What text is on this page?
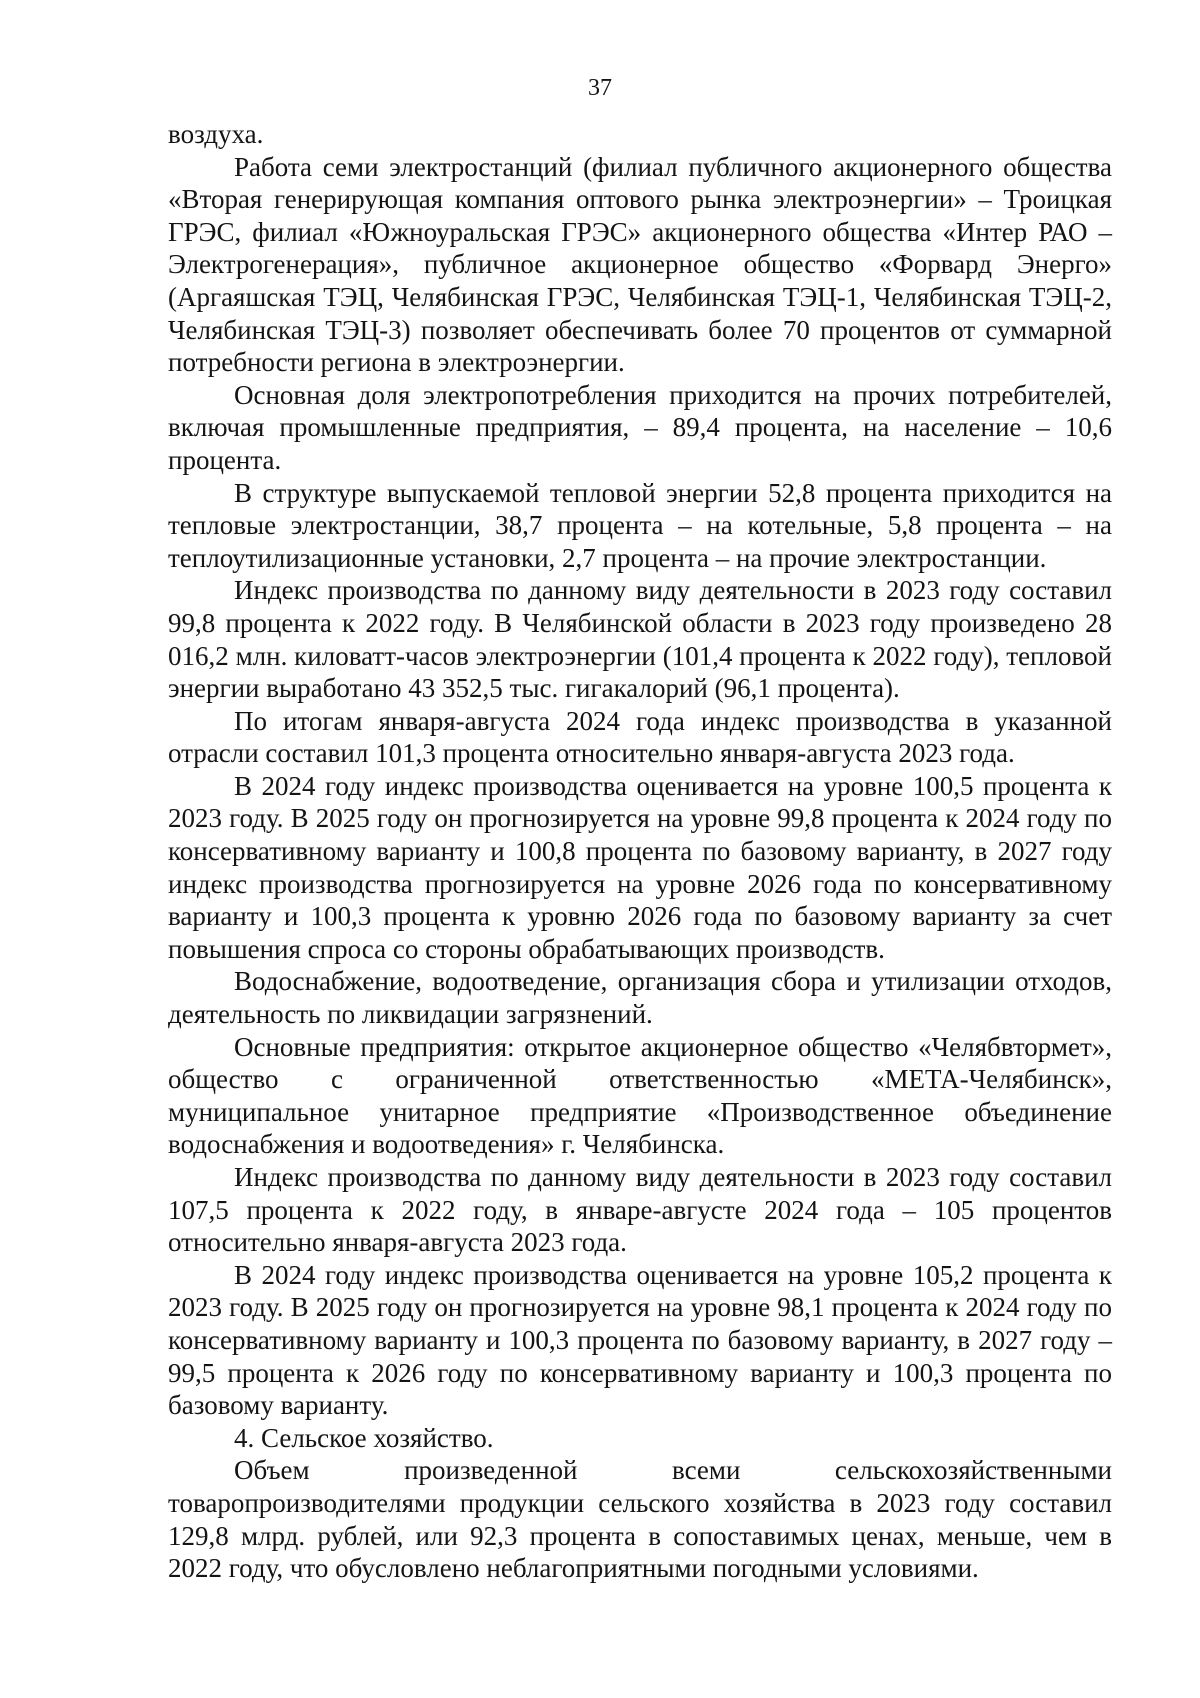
37

воздуха.

Работа семи электростанций (филиал публичного акционерного общества «Вторая генерирующая компания оптового рынка электроэнергии» – Троицкая ГРЭС, филиал «Южноуральская ГРЭС» акционерного общества «Интер РАО – Электрогенерация», публичное акционерное общество «Форвард Энерго» (Аргаяшская ТЭЦ, Челябинская ГРЭС, Челябинская ТЭЦ-1, Челябинская ТЭЦ-2, Челябинская ТЭЦ-3) позволяет обеспечивать более 70 процентов от суммарной потребности региона в электроэнергии.

Основная доля электропотребления приходится на прочих потребителей, включая промышленные предприятия, – 89,4 процента, на население – 10,6 процента.

В структуре выпускаемой тепловой энергии 52,8 процента приходится на тепловые электростанции, 38,7 процента – на котельные, 5,8 процента – на теплоутилизационные установки, 2,7 процента – на прочие электростанции.

Индекс производства по данному виду деятельности в 2023 году составил 99,8 процента к 2022 году. В Челябинской области в 2023 году произведено 28 016,2 млн. киловатт-часов электроэнергии (101,4 процента к 2022 году), тепловой энергии выработано 43 352,5 тыс. гигакалорий (96,1 процента).

По итогам января-августа 2024 года индекс производства в указанной отрасли составил 101,3 процента относительно января-августа 2023 года.

В 2024 году индекс производства оценивается на уровне 100,5 процента к 2023 году. В 2025 году он прогнозируется на уровне 99,8 процента к 2024 году по консервативному варианту и 100,8 процента по базовому варианту, в 2027 году индекс производства прогнозируется на уровне 2026 года по консервативному варианту и 100,3 процента к уровню 2026 года по базовому варианту за счет повышения спроса со стороны обрабатывающих производств.

Водоснабжение, водоотведение, организация сбора и утилизации отходов, деятельность по ликвидации загрязнений.

Основные предприятия: открытое акционерное общество «Челябвтормет», общество с ограниченной ответственностью «МЕТА-Челябинск», муниципальное унитарное предприятие «Производственное объединение водоснабжения и водоотведения» г. Челябинска.

Индекс производства по данному виду деятельности в 2023 году составил 107,5 процента к 2022 году, в январе-августе 2024 года – 105 процентов относительно января-августа 2023 года.

В 2024 году индекс производства оценивается на уровне 105,2 процента к 2023 году. В 2025 году он прогнозируется на уровне 98,1 процента к 2024 году по консервативному варианту и 100,3 процента по базовому варианту, в 2027 году – 99,5 процента к 2026 году по консервативному варианту и 100,3 процента по базовому варианту.

4. Сельское хозяйство.

Объем произведенной всеми сельскохозяйственными товаропроизводителями продукции сельского хозяйства в 2023 году составил 129,8 млрд. рублей, или 92,3 процента в сопоставимых ценах, меньше, чем в 2022 году, что обусловлено неблагоприятными погодными условиями.
